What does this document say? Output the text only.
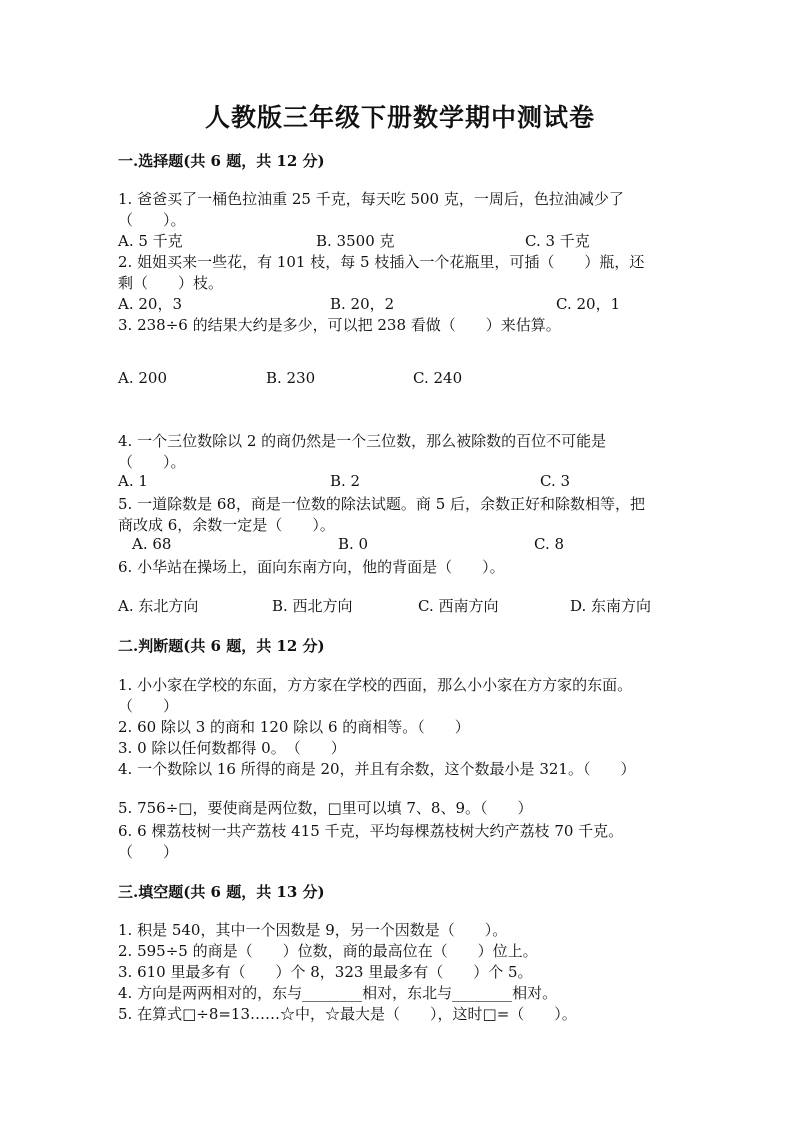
人教版三年级下册数学期中测试卷
一.选择题(共 6 题，共 12 分)
1. 爸爸买了一桶色拉油重 25 千克，每天吃 500 克，一周后，色拉油减少了
（　　）。
A. 5 千克	B. 3500 克	C. 3 千克
2. 姐姐买来一些花，有 101 枝，每 5 枝插入一个花瓶里，可插（　　）瓶，还
剩（　　）枝。
A. 20，3	B. 20，2	C. 20，1
3. 238÷6 的结果大约是多少，可以把 238 看做（　　）来估算。
A. 200	B. 230	C. 240
4. 一个三位数除以 2 的商仍然是一个三位数，那么被除数的百位不可能是
（　　）。
A. 1	B. 2	C. 3
5. 一道除数是 68，商是一位数的除法试题。商 5 后，余数正好和除数相等，把
商改成 6，余数一定是（　　）。
A. 68	B. 0	C. 8
6. 小华站在操场上，面向东南方向，他的背面是（　　）。
A. 东北方向	B. 西北方向	C. 西南方向	D. 东南方向
二.判断题(共 6 题，共 12 分)
1. 小小家在学校的东面，方方家在学校的西面，那么小小家在方方家的东面。
（　　）
2. 60 除以 3 的商和 120 除以 6 的商相等。（　　）
3. 0 除以任何数都得 0。　（　　）
4. 一个数除以 16 所得的商是 20，并且有余数，这个数最小是 321。（　　）
5. 756÷□，要使商是两位数，□里可以填 7、8、9。（　　）
6. 6 棵荔枝树一共产荔枝 415 千克，平均每棵荔枝树大约产荔枝 70 千克。
（　　）
三.填空题(共 6 题，共 13 分)
1. 积是 540，其中一个因数是 9，另一个因数是（　　）。
2. 595÷5 的商是（　　）位数，商的最高位在（　　）位上。
3. 610 里最多有（　　）个 8，323 里最多有（　　）个 5。
4. 方向是两两相对的，东与________相对，东北与________相对。
5. 在算式□÷8=13……☆中，☆最大是（　　），这时□=（　　）。
